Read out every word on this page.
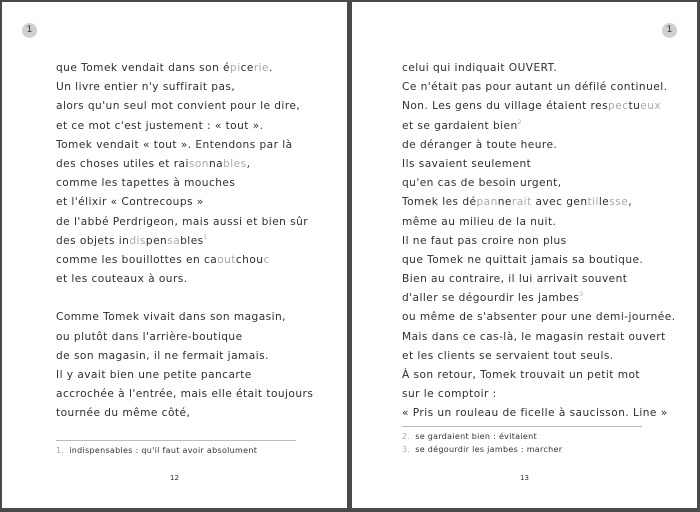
1
que Tomek vendait dans son épicerie.
Un livre entier n'y suffirait pas,
alors qu'un seul mot convient pour le dire,
et ce mot c'est justement : « tout ».
Tomek vendait « tout ». Entendons par là
des choses utiles et raisonnables,
comme les tapettes à mouches
et l'élixir « Contrecoups »
de l'abbé Perdrigeon, mais aussi et bien sûr
des objets indispensables$^1$
comme les bouillottes en caoutchouc
et les couteaux à ours.
Comme Tomek vivait dans son magasin,
ou plutôt dans l'arrière-boutique
de son magasin, il ne fermait jamais.
Il y avait bien une petite pancarte
accrochée à l'entrée, mais elle était toujours
tournée du même côté,
1. indispensables : qu'il faut avoir absolument
12
1
celui qui indiquait OUVERT.
Ce n'était pas pour autant un défilé continuel.
Non. Les gens du village étaient respectueux
et se gardaient bien$^2$
de déranger à toute heure.
Ils savaient seulement
qu'en cas de besoin urgent,
Tomek les dépannerait avec gentillesse,
même au milieu de la nuit.
Il ne faut pas croire non plus
que Tomek ne quittait jamais sa boutique.
Bien au contraire, il lui arrivait souvent
d'aller se dégourdir les jambes$^3$
ou même de s'absenter pour une demi-journée.
Mais dans ce cas-là, le magasin restait ouvert
et les clients se servaient tout seuls.
À son retour, Tomek trouvait un petit mot
sur le comptoir :
« Pris un rouleau de ficelle à saucisson. Line »
2. se gardaient bien : évitaient
3. se dégourdir les jambes : marcher
13
